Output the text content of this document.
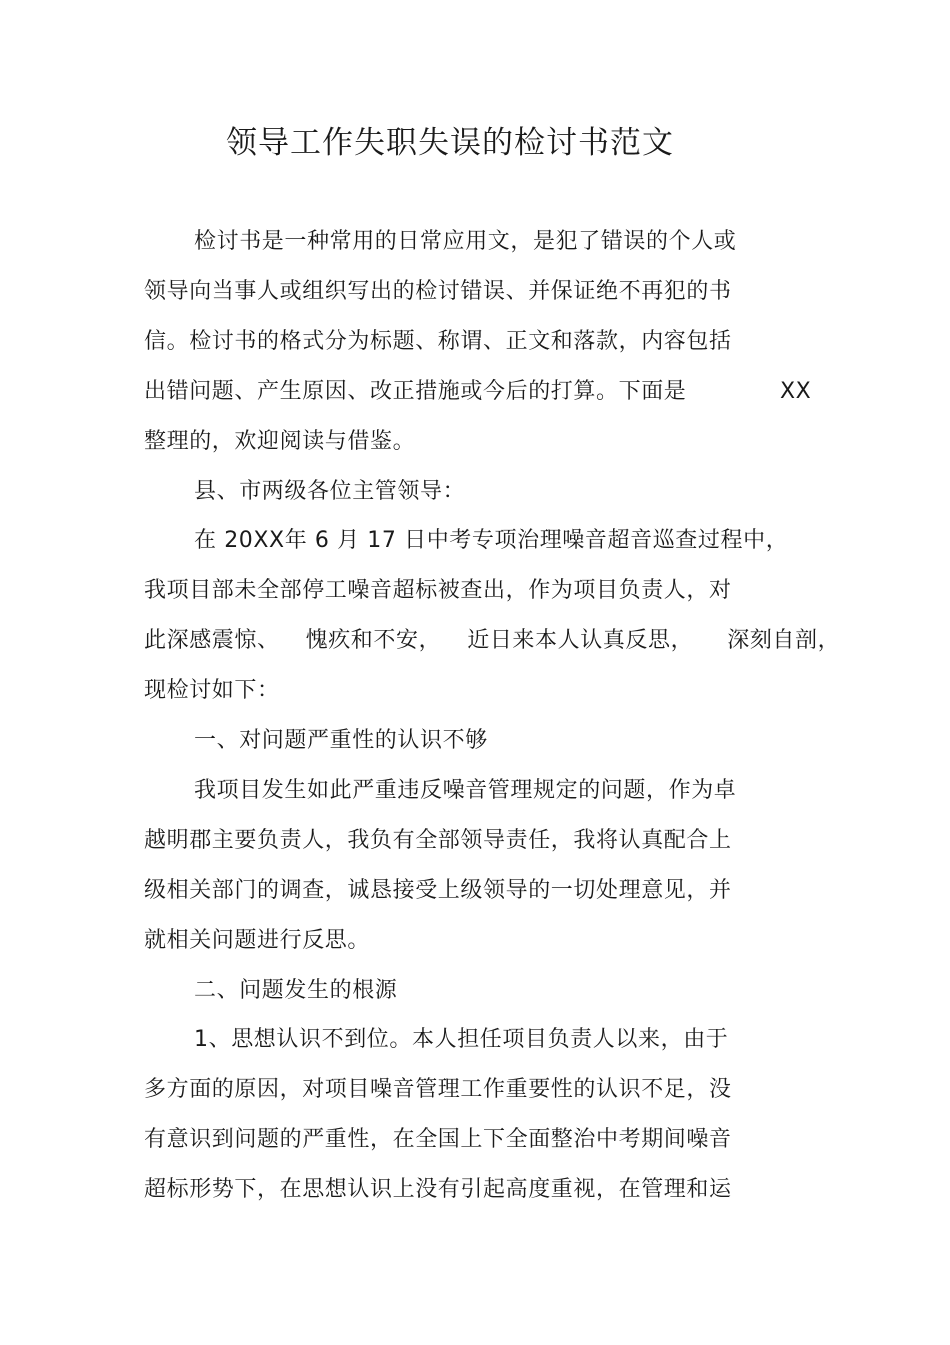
领导工作失职失误的检讨书范文
检讨书是一种常用的日常应用文，是犯了错误的个人或
领导向当事人或组织写出的检讨错误、并保证绝不再犯的书
信。检讨书的格式分为标题、称谓、正文和落款，内容包括
出错问题、产生原因、改正措施或今后的打算。下面是	XX
整理的，欢迎阅读与借鉴。
县、市两级各位主管领导：
在 20XX年 6 月 17 日中考专项治理噪音超音巡查过程中，
我项目部未全部停工噪音超标被查出，作为项目负责人，对
此深感震惊、 愧疚和不安， 近日来本人认真反思， 深刻自剖，
现检讨如下：
一、对问题严重性的认识不够
我项目发生如此严重违反噪音管理规定的问题，作为卓
越明郡主要负责人，我负有全部领导责任，我将认真配合上
级相关部门的调查，诚恳接受上级领导的一切处理意见，并
就相关问题进行反思。
二、问题发生的根源
1、思想认识不到位。本人担任项目负责人以来，由于
多方面的原因，对项目噪音管理工作重要性的认识不足，没
有意识到问题的严重性，在全国上下全面整治中考期间噪音
超标形势下，在思想认识上没有引起高度重视，在管理和运
